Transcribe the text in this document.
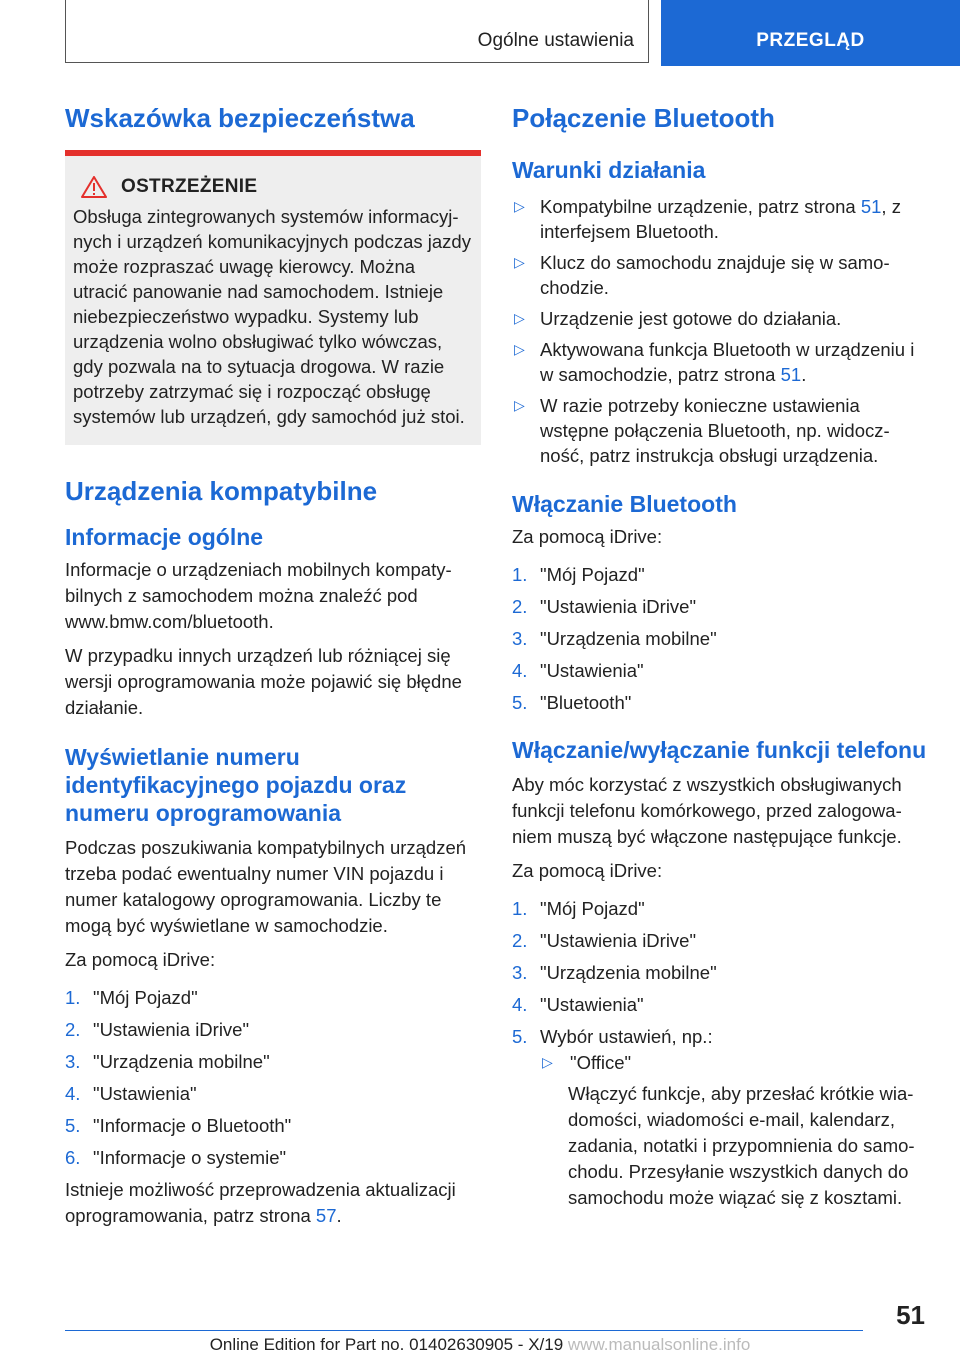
Ogólne ustawienia	PRZEGLĄD
Wskazówka bezpieczeństwa
OSTRZEŻENIE

Obsługa zintegrowanych systemów informacyj-nych i urządzeń komunikacyjnych podczas jazdy może rozpraszać uwagę kierowcy. Można utracić panowanie nad samochodem. Istnieje niebezpieczeństwo wypadku. Systemy lub urządzenia wolno obsługiwać tylko wówczas, gdy pozwala na to sytuacja drogowa. W razie potrzeby zatrzymać się i rozpocząć obsługę systemów lub urządzeń, gdy samochód już stoi.

Urządzenia kompatybilne
Informacje ogólne

Informacje o urządzeniach mobilnych kompaty-bilnych z samochodem można znaleźć pod www.bmw.com/bluetooth.

W przypadku innych urządzeń lub różniącej się wersji oprogramowania może pojawić się błędne działanie.

Wyświetlanie numeru identyfikacyjnego pojazdu oraz numeru oprogramowania

Podczas poszukiwania kompatybilnych urządzeń trzeba podać ewentualny numer VIN pojazdu i numer katalogowy oprogramowania. Liczby te mogą być wyświetlane w samochodzie.

Za pomocą iDrive:

1. "Mój Pojazd"
2. "Ustawienia iDrive"
3. "Urządzenia mobilne"
4. "Ustawienia"
5. "Informacje o Bluetooth"
6. "Informacje o systemie"

Istnieje możliwość przeprowadzenia aktualizacji oprogramowania, patrz strona 57.

Połączenie Bluetooth
Warunki działania
▷ Kompatybilne urządzenie, patrz strona 51, z interfejsem Bluetooth.
▷ Klucz do samochodu znajduje się w samo-chodzie.
▷ Urządzenie jest gotowe do działania.
▷ Aktywowana funkcja Bluetooth w urządzeniu i w samochodzie, patrz strona 51.
▷ W razie potrzeby konieczne ustawienia wstępne połączenia Bluetooth, np. widocz-ność, patrz instrukcja obsługi urządzenia.
Włączanie Bluetooth

Za pomocą iDrive:

1. "Mój Pojazd"
2. "Ustawienia iDrive"
3. "Urządzenia mobilne"
4. "Ustawienia"
5. "Bluetooth"
Włączanie/wyłączanie funkcji telefonu

Aby móc korzystać z wszystkich obsługiwanych funkcji telefonu komórkowego, przed zalogowa-niem muszą być włączone następujące funkcje.

Za pomocą iDrive:

1. "Mój Pojazd"
2. "Ustawienia iDrive"
3. "Urządzenia mobilne"
4. "Ustawienia"
5. Wybór ustawień, np.:
▷ "Office"

Włączyć funkcje, aby przesłać krótkie wia-domości, wiadomości e-mail, kalendarz, zadania, notatki i przypomnienia do samo-chodu. Przesyłanie wszystkich danych do samochodu może wiązać się z kosztami.

51
Online Edition for Part no. 01402630905 - X/19 www.manualsonline.info
